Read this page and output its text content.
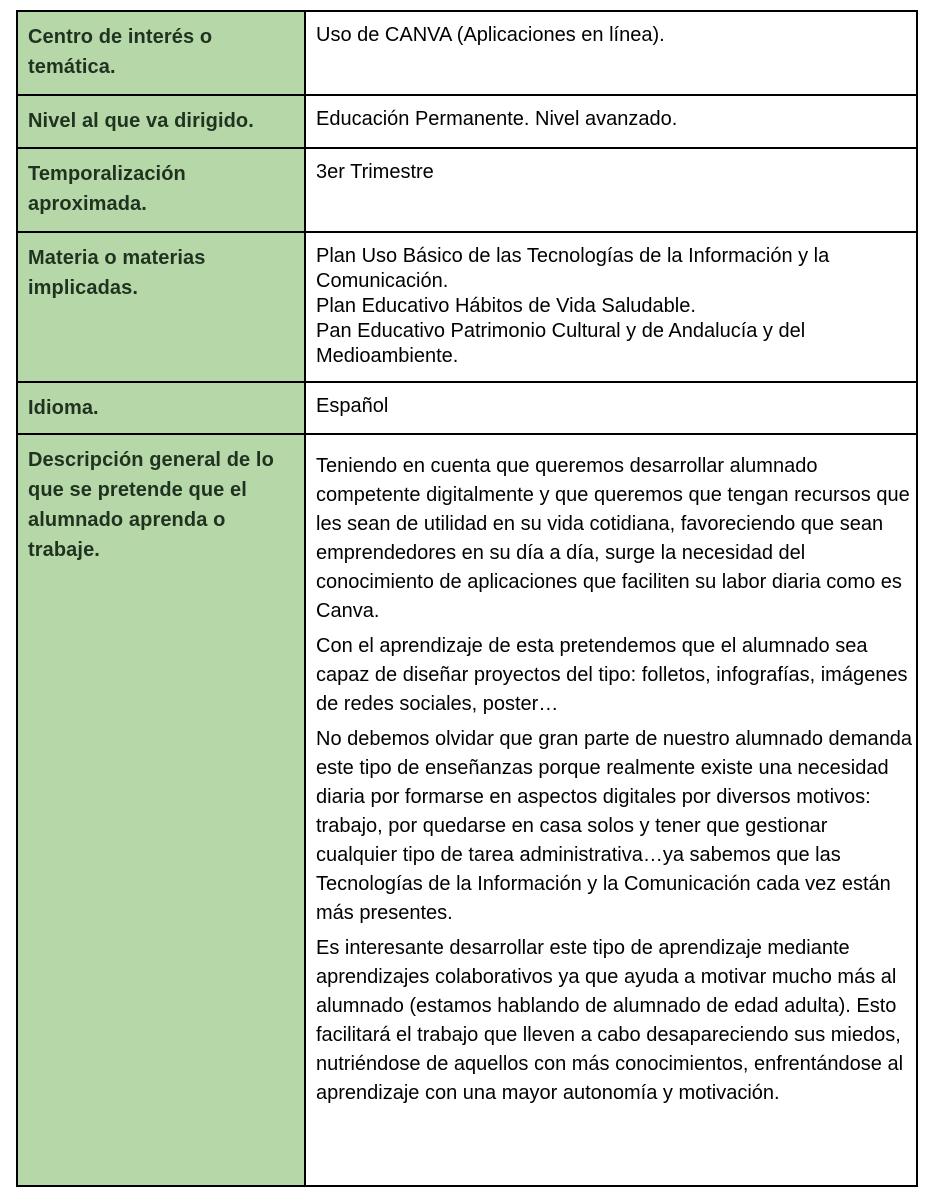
Centro de interés o temática.	Uso de CANVA (Aplicaciones en línea).

Nivel al que va dirigido.	Educación Permanente. Nivel avanzado.

Temporalización aproximada.	3er Trimestre

Materia o materias implicadas.	Plan Uso Básico de las Tecnologías de la Información y la Comunicación.
Plan Educativo Hábitos de Vida Saludable.
Pan Educativo Patrimonio Cultural y de Andalucía y del Medioambiente.

Idioma.	Español

Descripción general de lo que se pretende que el alumnado aprenda o trabaje.	Teniendo en cuenta que queremos desarrollar alumnado competente digitalmente y que queremos que tengan recursos que les sean de utilidad en su vida cotidiana, favoreciendo que sean emprendedores en su día a día, surge la necesidad del conocimiento de aplicaciones que faciliten su labor diaria como es Canva.
Con el aprendizaje de esta pretendemos que el alumnado sea capaz de diseñar proyectos del tipo: folletos, infografías, imágenes de redes sociales, poster…
No debemos olvidar que gran parte de nuestro alumnado demanda este tipo de enseñanzas porque realmente existe una necesidad diaria por formarse en aspectos digitales por diversos motivos: trabajo, por quedarse en casa solos y tener que gestionar cualquier tipo de tarea administrativa…ya sabemos que las Tecnologías de la Información y la Comunicación cada vez están más presentes.
Es interesante desarrollar este tipo de aprendizaje mediante aprendizajes colaborativos ya que ayuda a motivar mucho más al alumnado (estamos hablando de alumnado de edad adulta). Esto facilitará el trabajo que lleven a cabo desapareciendo sus miedos, nutriéndose de aquellos con más conocimientos, enfrentándose al aprendizaje con una mayor autonomía y motivación.
